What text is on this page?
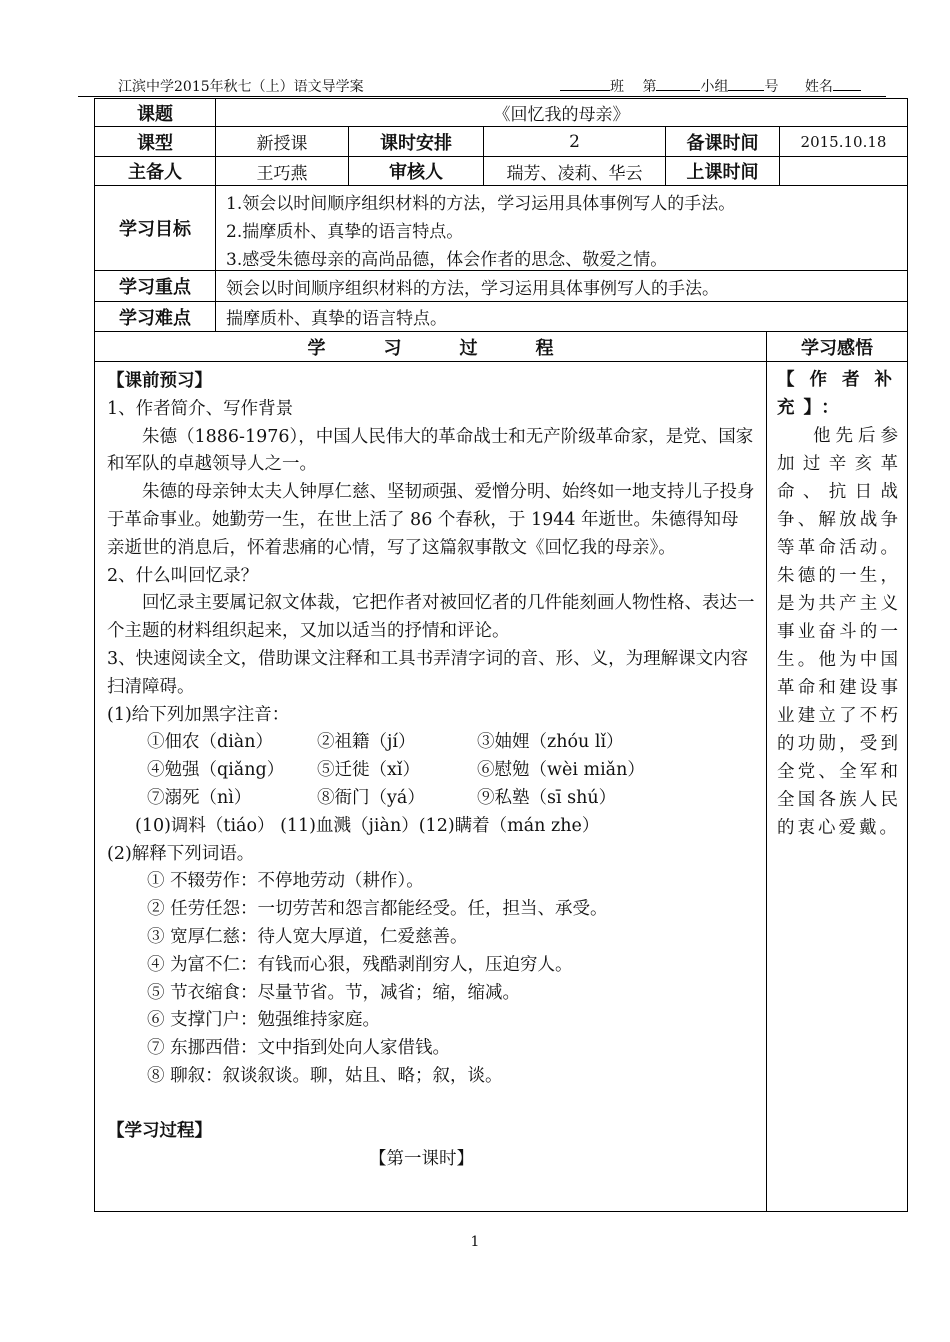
江滨中学2015年秋七（上）语文导学案	班 第	小组	号 姓名
课题	《回忆我的母亲》
课型	新授课	课时安排	2	备课时间	2015.10.18
主备人	王巧燕	审核人	瑞芳、凌莉、华云	上课时间
学习目标
1.领会以时间顺序组织材料的方法，学习运用具体事例写人的手法。
2.揣摩质朴、真挚的语言特点。
3.感受朱德母亲的高尚品德，体会作者的思念、敬爱之情。
学习重点	领会以时间顺序组织材料的方法，学习运用具体事例写人的手法。
学习难点	揣摩质朴、真挚的语言特点。
学习过程	学习感悟

【课前预习】

1、作者简介、写作背景

朱德（1886-1976），中国人民伟大的革命战士和无产阶级革命家，是党、国家和军队的卓越领导人之一。

朱德的母亲钟太夫人钟厚仁慈、坚韧顽强、爱憎分明、始终如一地支持儿子投身于革命事业。她勤劳一生，在世上活了 86 个春秋，于 1944 年逝世。朱德得知母亲逝世的消息后，怀着悲痛的心情，写了这篇叙事散文《回忆我的母亲》。

2、什么叫回忆录？

回忆录主要属记叙文体裁，它把作者对被回忆者的几件能刻画人物性格、表达一个主题的材料组织起来，又加以适当的抒情和评论。

3、快速阅读全文，借助课文注释和工具书弄清字词的音、形、义，为理解课文内容扫清障碍。

(1)给下列加黑字注音：

①佃农（diàn）	②祖籍（jí）	③妯娌（zhóu lǐ）
④勉强（qiǎng）	⑤迁徙（xǐ）	⑥慰勉（wèi miǎn）
⑦溺死（nì）	⑧衙门（yá）	⑨私塾（sī shú）

(10)调料（tiáo） (11)血溅（jiàn）(12)瞒着（mán zhe）

(2)解释下列词语。

① 不辍劳作：不停地劳动（耕作）。

② 任劳任怨：一切劳苦和怨言都能经受。任，担当、承受。

③ 宽厚仁慈：待人宽大厚道，仁爱慈善。

④ 为富不仁：有钱而心狠，残酷剥削穷人，压迫穷人。

⑤ 节衣缩食：尽量节省。节，减省；缩，缩减。

⑥ 支撑门户：勉强维持家庭。

⑦ 东挪西借：文中指到处向人家借钱。

⑧ 聊叙：叙谈叙谈。聊，姑且、略；叙，谈。

【学习过程】

【第一课时】

【作者补充】：

他先后参加过辛亥革命、抗日战争、解放战争等革命活动。朱德的一生，是为共产主义事业奋斗的一生。他为中国革命和建设事业建立了不朽的功勋，受到全党、全军和全国各族人民的衷心爱戴。

1
